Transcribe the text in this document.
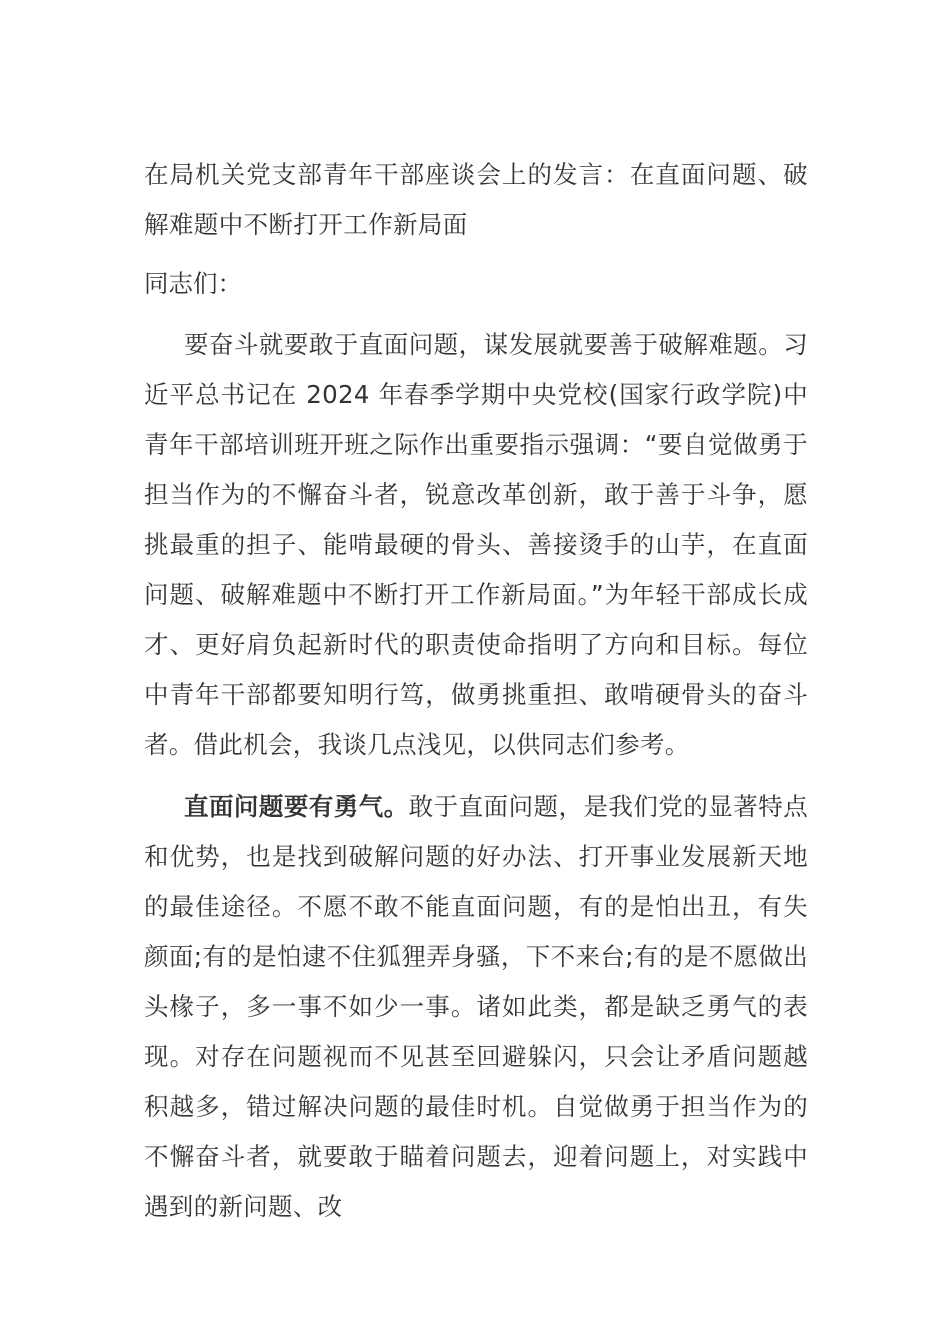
在局机关党支部青年干部座谈会上的发言：在直面问题、破解难题中不断打开工作新局面
同志们：

要奋斗就要敢于直面问题，谋发展就要善于破解难题。习近平总书记在 2024 年春季学期中央党校(国家行政学院)中青年干部培训班开班之际作出重要指示强调：“要自觉做勇于担当作为的不懈奋斗者，锐意改革创新，敢于善于斗争，愿挑最重的担子、能啃最硬的骨头、善接烫手的山芋，在直面问题、破解难题中不断打开工作新局面。”为年轻干部成长成才、更好肩负起新时代的职责使命指明了方向和目标。每位中青年干部都要知明行笃，做勇挑重担、敢啃硬骨头的奋斗者。借此机会，我谈几点浅见，以供同志们参考。

直面问题要有勇气。敢于直面问题，是我们党的显著特点和优势，也是找到破解问题的好办法、打开事业发展新天地的最佳途径。不愿不敢不能直面问题，有的是怕出丑，有失颜面;有的是怕逮不住狐狸弄身骚，下不来台;有的是不愿做出头椽子，多一事不如少一事。诸如此类，都是缺乏勇气的表现。对存在问题视而不见甚至回避躲闪，只会让矛盾问题越积越多，错过解决问题的最佳时机。自觉做勇于担当作为的不懈奋斗者，就要敢于瞄着问题去，迎着问题上，对实践中遇到的新问题、改
